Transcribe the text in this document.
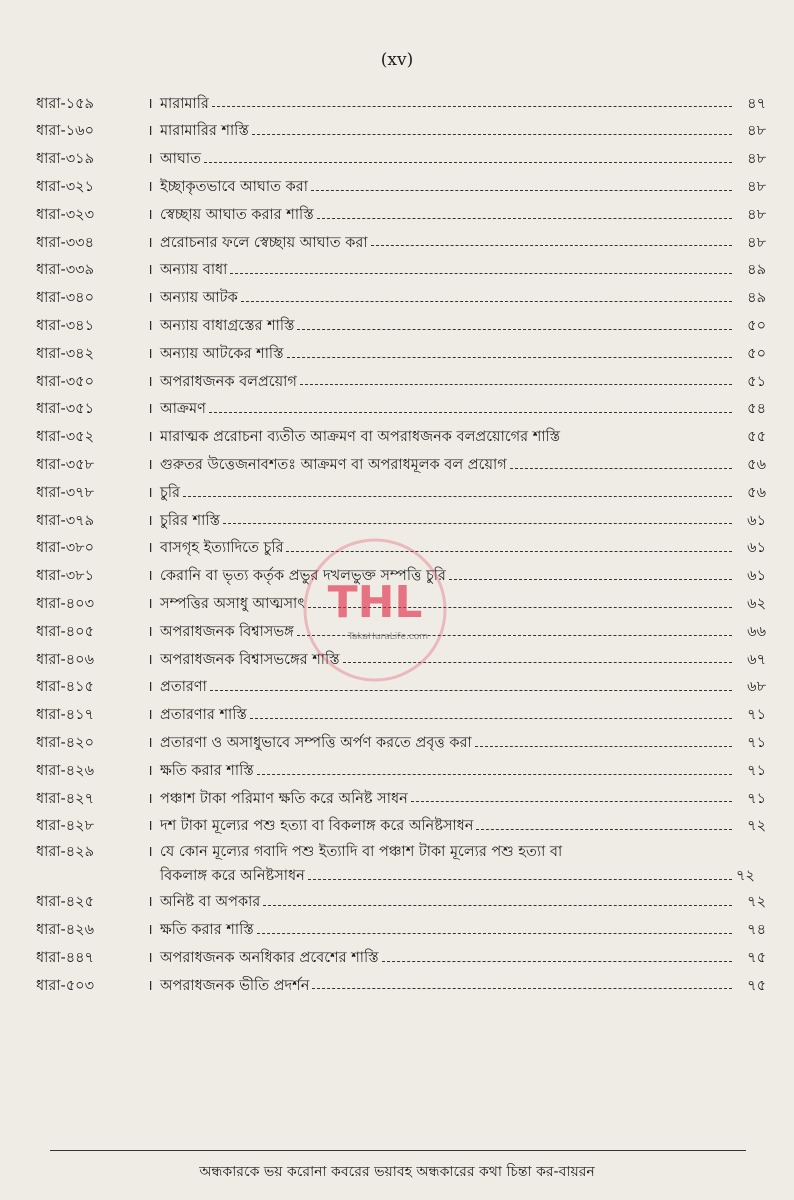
(xv)
ধারা-১৫৯	। মারামারি	৪৭
ধারা-১৬০	। মারামারির শাস্তি	৪৮
ধারা-৩১৯	। আঘাত	৪৮
ধারা-৩২১	। ইচ্ছাকৃতভাবে আঘাত করা	৪৮
ধারা-৩২৩	। স্বেচ্ছায় আঘাত করার শাস্তি	৪৮
ধারা-৩৩৪	। প্ররোচনার ফলে স্বেচ্ছায় আঘাত করা	৪৮
ধারা-৩৩৯	। অন্যায় বাধা	৪৯
ধারা-৩৪০	। অন্যায় আটক	৪৯
ধারা-৩৪১	। অন্যায় বাধাগ্রস্তের শাস্তি	৫০
ধারা-৩৪২	। অন্যায় আটকের শাস্তি	৫০
ধারা-৩৫০	। অপরাধজনক বলপ্রয়োগ	৫১
ধারা-৩৫১	। আক্রমণ	৫৪
ধারা-৩৫২	। মারাত্মক প্ররোচনা ব্যতীত আক্রমণ বা অপরাধজনক বলপ্রয়োগের শাস্তি	৫৫
ধারা-৩৫৮	। গুরুতর উত্তেজনাবশতঃ আক্রমণ বা অপরাধমূলক বল প্রয়োগ	৫৬
ধারা-৩৭৮	। চুরি	৫৬
ধারা-৩৭৯	। চুরির শাস্তি	৬১
ধারা-৩৮০	। বাসগৃহ ইত্যাদিতে চুরি	৬১
ধারা-৩৮১	। কেরানি বা ভৃত্য কর্তৃক প্রভুর দখলভুক্ত সম্পত্তি চুরি	৬১
ধারা-৪০৩	। সম্পত্তির অসাধু আত্মসাৎ	৬২
ধারা-৪০৫	। অপরাধজনক বিশ্বাসভঙ্গ	৬৬
ধারা-৪০৬	। অপরাধজনক বিশ্বাসভঙ্গের শাস্তি	৬৭
ধারা-৪১৫	। প্রতারণা	৬৮
ধারা-৪১৭	। প্রতারণার শাস্তি	৭১
ধারা-৪২০	। প্রতারণা ও অসাধুভাবে সম্পত্তি অর্পণ করতে প্রবৃত্ত করা	৭১
ধারা-৪২৬	। ক্ষতি করার শাস্তি	৭১
ধারা-৪২৭	। পঞ্চাশ টাকা পরিমাণ ক্ষতি করে অনিষ্ট সাধন	৭১
ধারা-৪২৮	। দশ টাকা মূল্যের পশু হত্যা বা বিকলাঙ্গ করে অনিষ্টসাধন	৭২
ধারা-৪২৯	। যে কোন মূল্যের গবাদি পশু ইত্যাদি বা পঞ্চাশ টাকা মূল্যের পশু হত্যা বা
বিকলাঙ্গ করে অনিষ্টসাধন	৭২
ধারা-৪২৫	। অনিষ্ট বা অপকার	৭২
ধারা-৪২৬	। ক্ষতি করার শাস্তি	৭৪
ধারা-৪৪৭	। অপরাধজনক অনধিকার প্রবেশের শাস্তি	৭৫
ধারা-৫০৩	। অপরাধজনক ভীতি প্রদর্শন	৭৫
অন্ধকারকে ভয় করোনা কবরের ভয়াবহ অন্ধকারের কথা চিন্তা কর-বায়রন
THL
TakaHuraLife.com
